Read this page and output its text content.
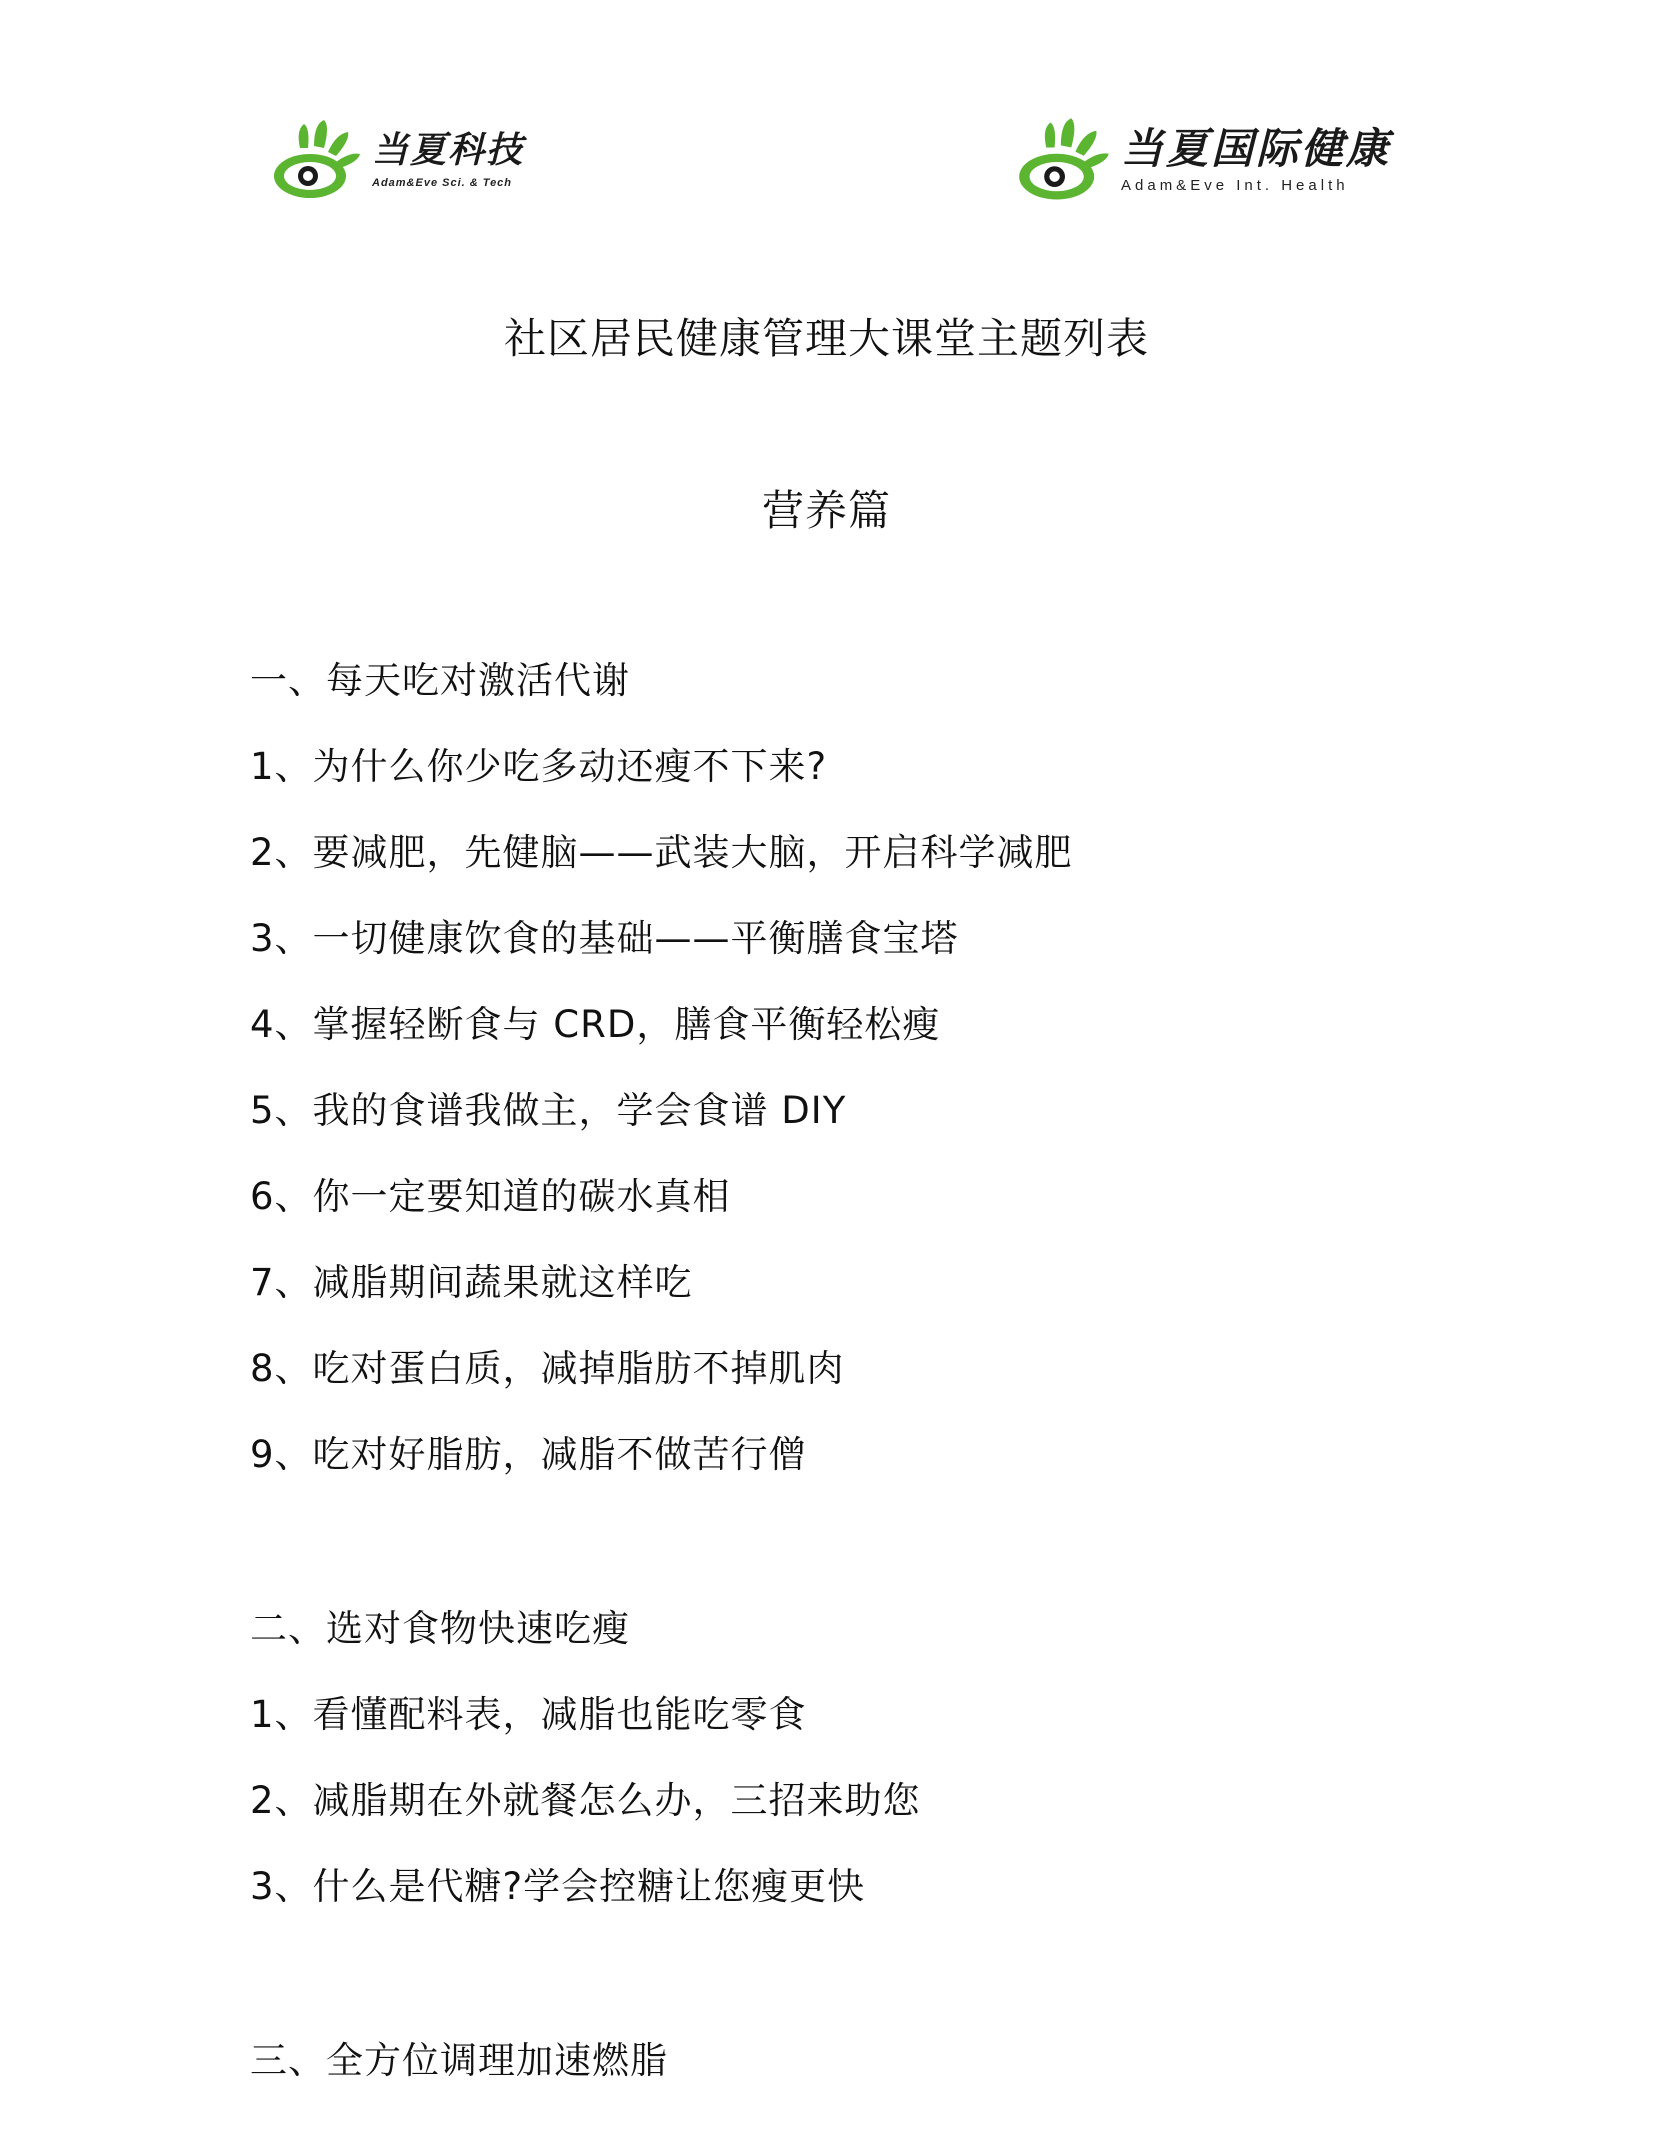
当夏科技
Adam&Eve Sci. & Tech
当夏国际健康
Adam&Eve Int. Health
社区居民健康管理大课堂主题列表
营养篇
一、每天吃对激活代谢
1、为什么你少吃多动还瘦不下来?
2、要减肥，先健脑——武装大脑，开启科学减肥
3、一切健康饮食的基础——平衡膳食宝塔
4、掌握轻断食与 CRD，膳食平衡轻松瘦
5、我的食谱我做主，学会食谱 DIY
6、你一定要知道的碳水真相
7、减脂期间蔬果就这样吃
8、吃对蛋白质，减掉脂肪不掉肌肉
9、吃对好脂肪，减脂不做苦行僧
二、选对食物快速吃瘦
1、看懂配料表，减脂也能吃零食
2、减脂期在外就餐怎么办，三招来助您
3、什么是代糖?学会控糖让您瘦更快
三、全方位调理加速燃脂
